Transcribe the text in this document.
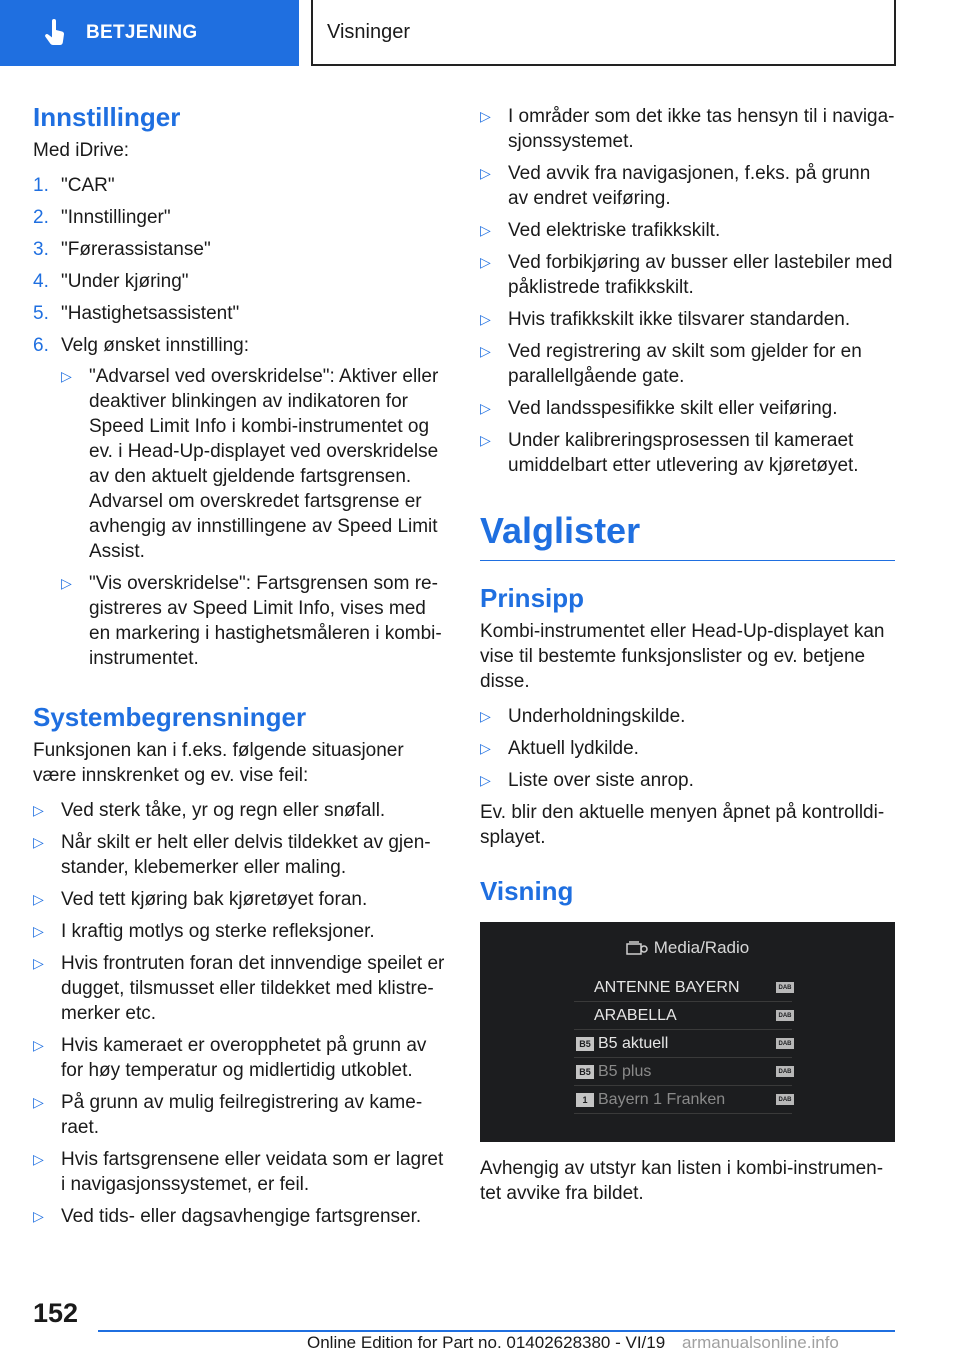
BETJENING	Visninger
Innstillinger

Med iDrive:

1. "CAR"
2. "Innstillinger"
3. "Førerassistanse"
4. "Under kjøring"
5. "Hastighetsassistent"
6. Velg ønsket innstilling:
▷ "Advarsel ved overskridelse": Aktiver eller deaktiver blinkingen av indikatoren for Speed Limit Info i kombi-instrumentet og ev. i Head-Up-displayet ved overskridelse av den aktuelt gjeldende fartsgrensen. Advarsel om overskredet fartsgrense er avhengig av innstillingene av Speed Limit Assist.
▷ "Vis overskridelse": Fartsgrensen som re-gistreres av Speed Limit Info, vises med en markering i hastighetsmåleren i kombi-instrumentet.
Systembegrensninger

Funksjonen kan i f.eks. følgende situasjoner være innskrenket og ev. vise feil:

▷ Ved sterk tåke, yr og regn eller snøfall.
▷ Når skilt er helt eller delvis tildekket av gjen-stander, klebemerker eller maling.
▷ Ved tett kjøring bak kjøretøyet foran.
▷ I kraftig motlys og sterke refleksjoner.
▷ Hvis frontruten foran det innvendige speilet er dugget, tilsmusset eller tildekket med klistre-merker etc.
▷ Hvis kameraet er overopphetet på grunn av for høy temperatur og midlertidig utkoblet.
▷ På grunn av mulig feilregistrering av kame-raet.
▷ Hvis fartsgrensene eller veidata som er lagret i navigasjonssystemet, er feil.
▷ Ved tids- eller dagsavhengige fartsgrenser.
▷ I områder som det ikke tas hensyn til i naviga-sjonssystemet.
▷ Ved avvik fra navigasjonen, f.eks. på grunn av endret veiføring.
▷ Ved elektriske trafikkskilt.
▷ Ved forbikjøring av busser eller lastebiler med påklistrede trafikkskilt.
▷ Hvis trafikkskilt ikke tilsvarer standarden.
▷ Ved registrering av skilt som gjelder for en parallellgående gate.
▷ Ved landsspesifikke skilt eller veiføring.
▷ Under kalibreringsprosessen til kameraet umiddelbart etter utlevering av kjøretøyet.
Valglister
Prinsipp

Kombi-instrumentet eller Head-Up-displayet kan vise til bestemte funksjonslister og ev. betjene disse.

▷ Underholdningskilde.
▷ Aktuell lydkilde.
▷ Liste over siste anrop.

Ev. blir den aktuelle menyen åpnet på kontrolldi-splayet.

Visning
Media/Radio
ANTENNE BAYERN	DAB
ARABELLA	DAB
B5 B5 aktuell	DAB
B5 B5 plus	DAB
1 Bayern 1 Franken	DAB

Avhengig av utstyr kan listen i kombi-instrumen-tet avvike fra bildet.

152
Online Edition for Part no. 01402628380 - VI/19 armanualsonline.info
